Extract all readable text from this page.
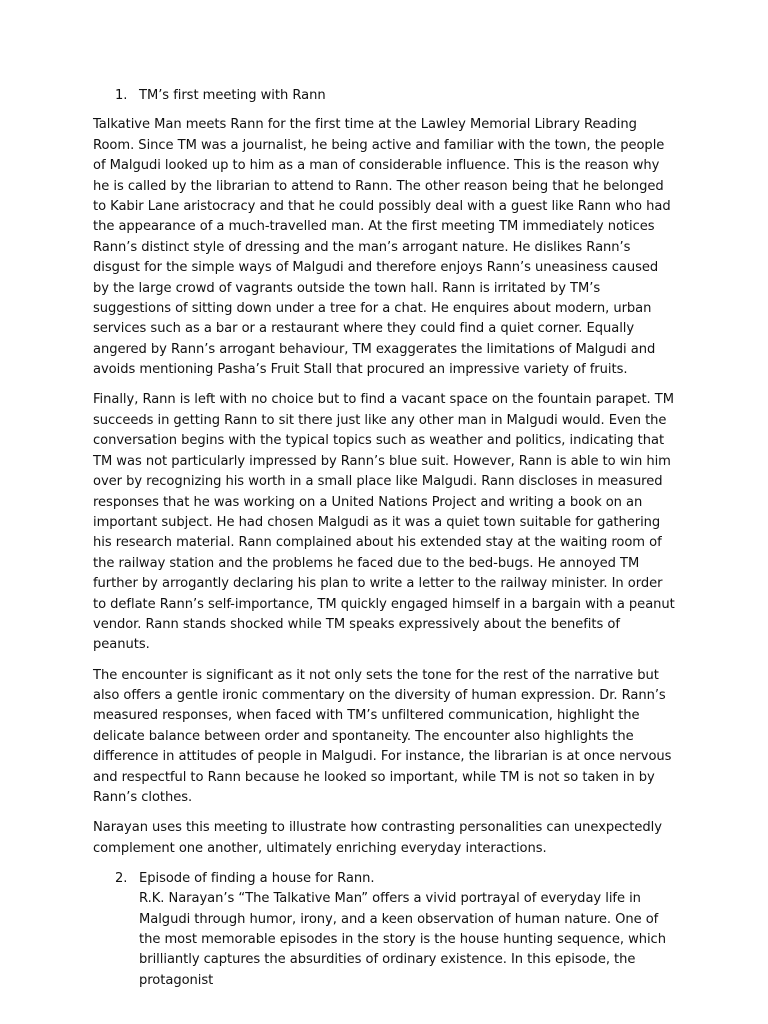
1. TM’s first meeting with Rann

Talkative Man meets Rann for the first time at the Lawley Memorial Library Reading Room. Since TM was a journalist, he being active and familiar with the town, the people of Malgudi looked up to him as a man of considerable influence. This is the reason why he is called by the librarian to attend to Rann. The other reason being that he belonged to Kabir Lane aristocracy and that he could possibly deal with a guest like Rann who had the appearance of a much-travelled man. At the first meeting TM immediately notices Rann’s distinct style of dressing and the man’s arrogant nature. He dislikes Rann’s disgust for the simple ways of Malgudi and therefore enjoys Rann’s uneasiness caused by the large crowd of vagrants outside the town hall. Rann is irritated by TM’s suggestions of sitting down under a tree for a chat. He enquires about modern, urban services such as a bar or a restaurant where they could find a quiet corner. Equally angered by Rann’s arrogant behaviour, TM exaggerates the limitations of Malgudi and avoids mentioning Pasha’s Fruit Stall that procured an impressive variety of fruits.

Finally, Rann is left with no choice but to find a vacant space on the fountain parapet. TM succeeds in getting Rann to sit there just like any other man in Malgudi would. Even the conversation begins with the typical topics such as weather and politics, indicating that TM was not particularly impressed by Rann’s blue suit. However, Rann is able to win him over by recognizing his worth in a small place like Malgudi. Rann discloses in measured responses that he was working on a United Nations Project and writing a book on an important subject. He had chosen Malgudi as it was a quiet town suitable for gathering his research material. Rann complained about his extended stay at the waiting room of the railway station and the problems he faced due to the bed-bugs. He annoyed TM further by arrogantly declaring his plan to write a letter to the railway minister. In order to deflate Rann’s self-importance, TM quickly engaged himself in a bargain with a peanut vendor. Rann stands shocked while TM speaks expressively about the benefits of peanuts.

The encounter is significant as it not only sets the tone for the rest of the narrative but also offers a gentle ironic commentary on the diversity of human expression. Dr. Rann’s measured responses, when faced with TM’s unfiltered communication, highlight the delicate balance between order and spontaneity. The encounter also highlights the difference in attitudes of people in Malgudi. For instance, the librarian is at once nervous and respectful to Rann because he looked so important, while TM is not so taken in by Rann’s clothes.

Narayan uses this meeting to illustrate how contrasting personalities can unexpectedly complement one another, ultimately enriching everyday interactions.

2. Episode of finding a house for Rann.

R.K. Narayan’s “The Talkative Man” offers a vivid portrayal of everyday life in Malgudi through humor, irony, and a keen observation of human nature. One of the most memorable episodes in the story is the house hunting sequence, which brilliantly captures the absurdities of ordinary existence. In this episode, the protagonist
